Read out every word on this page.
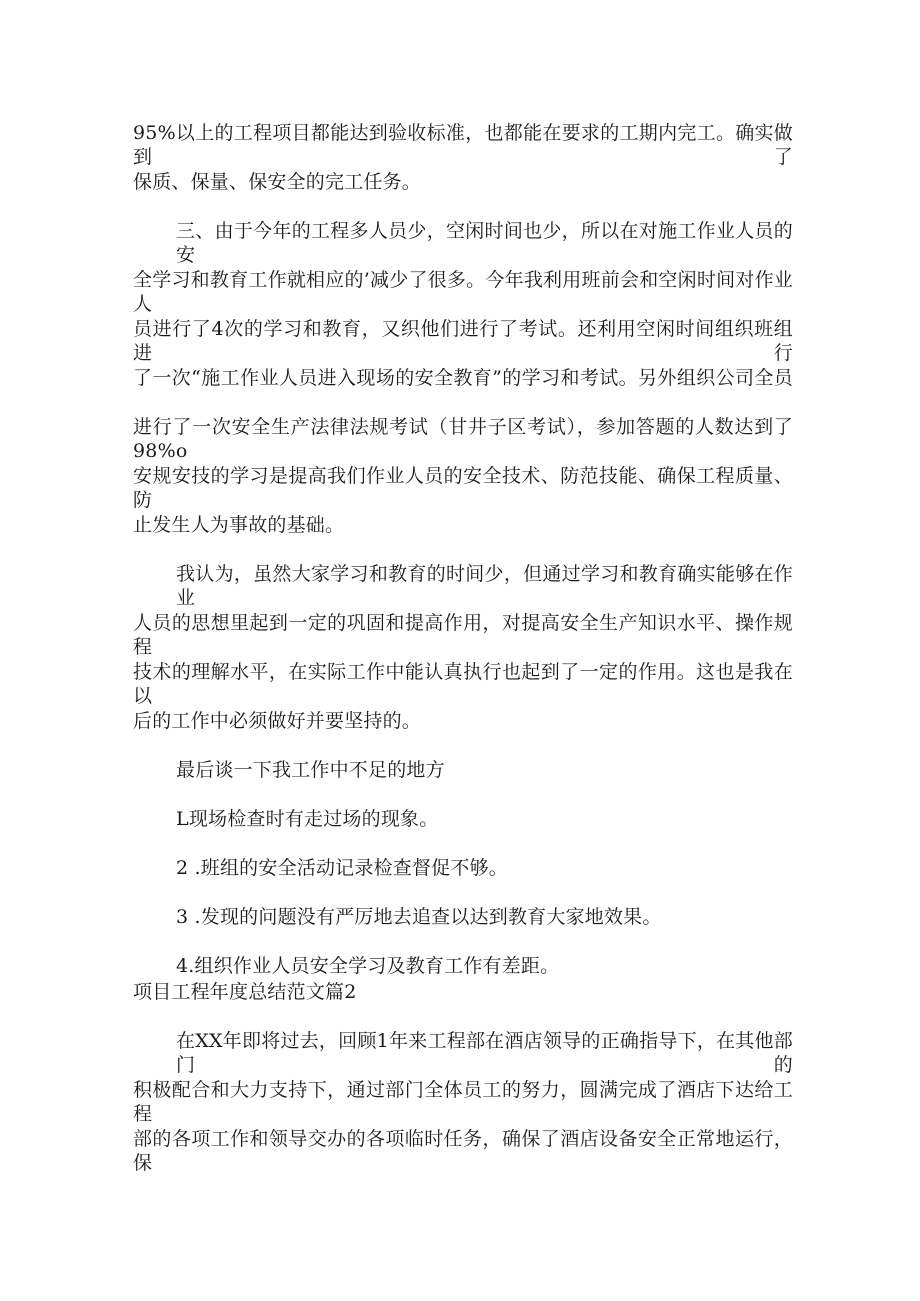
95%以上的工程项目都能达到验收标准，也都能在要求的工期内完工。确实做到了
保质、保量、保安全的完工任务。
三、由于今年的工程多人员少，空闲时间也少，所以在对施工作业人员的安
全学习和教育工作就相应的’减少了很多。今年我利用班前会和空闲时间对作业人
员进行了4次的学习和教育，又织他们进行了考试。还利用空闲时间组织班组进行
了一次“施工作业人员进入现场的安全教育”的学习和考试。另外组织公司全员
进行了一次安全生产法律法规考试（甘井子区考试），参加答题的人数达到了98%o
安规安技的学习是提高我们作业人员的安全技术、防范技能、确保工程质量、防
止发生人为事故的基础。
我认为，虽然大家学习和教育的时间少，但通过学习和教育确实能够在作业
人员的思想里起到一定的巩固和提高作用，对提高安全生产知识水平、操作规程
技术的理解水平，在实际工作中能认真执行也起到了一定的作用。这也是我在以
后的工作中必须做好并要坚持的。
最后谈一下我工作中不足的地方
L现场检查时有走过场的现象。
2 .班组的安全活动记录检查督促不够。
3 .发现的问题没有严厉地去追查以达到教育大家地效果。
4.组织作业人员安全学习及教育工作有差距。
项目工程年度总结范文篇2
在XX年即将过去，回顾1年来工程部在酒店领导的正确指导下，在其他部门的
积极配合和大力支持下，通过部门全体员工的努力，圆满完成了酒店下达给工程
部的各项工作和领导交办的各项临时任务，确保了酒店设备安全正常地运行，保
